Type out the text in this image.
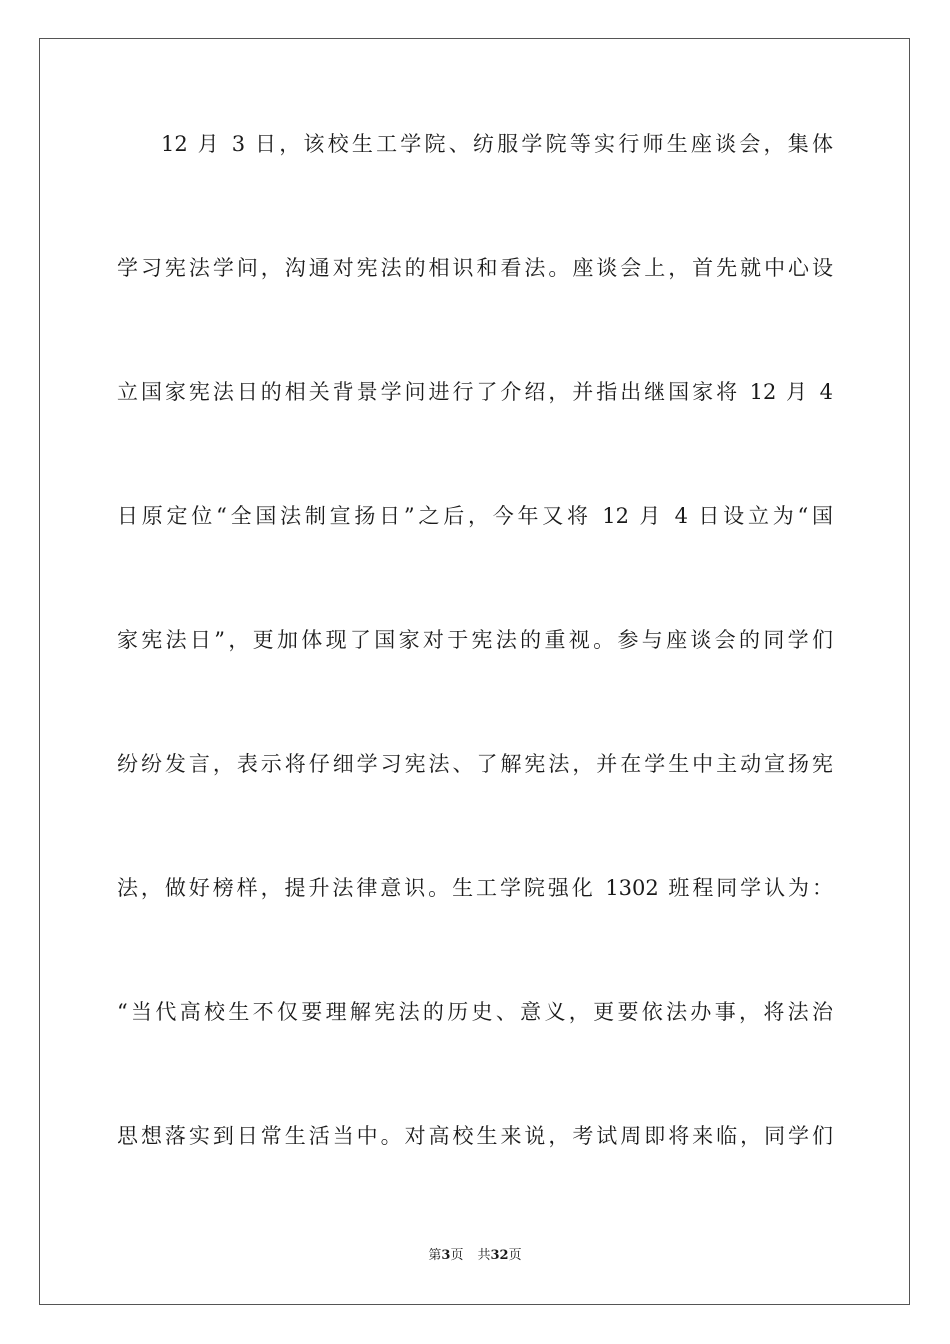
12 月 3 日，该校生工学院、纺服学院等实行师生座谈会，集体
学习宪法学问，沟通对宪法的相识和看法。座谈会上，首先就中心设
立国家宪法日的相关背景学问进行了介绍，并指出继国家将 12 月 4
日原定位“全国法制宣扬日”之后，今年又将 12 月 4 日设立为“国
家宪法日”，更加体现了国家对于宪法的重视。参与座谈会的同学们
纷纷发言，表示将仔细学习宪法、了解宪法，并在学生中主动宣扬宪
法，做好榜样，提升法律意识。生工学院强化 1302 班程同学认为：
“当代高校生不仅要理解宪法的历史、意义，更要依法办事，将法治
思想落实到日常生活当中。对高校生来说，考试周即将来临，同学们
第3页 共32页
